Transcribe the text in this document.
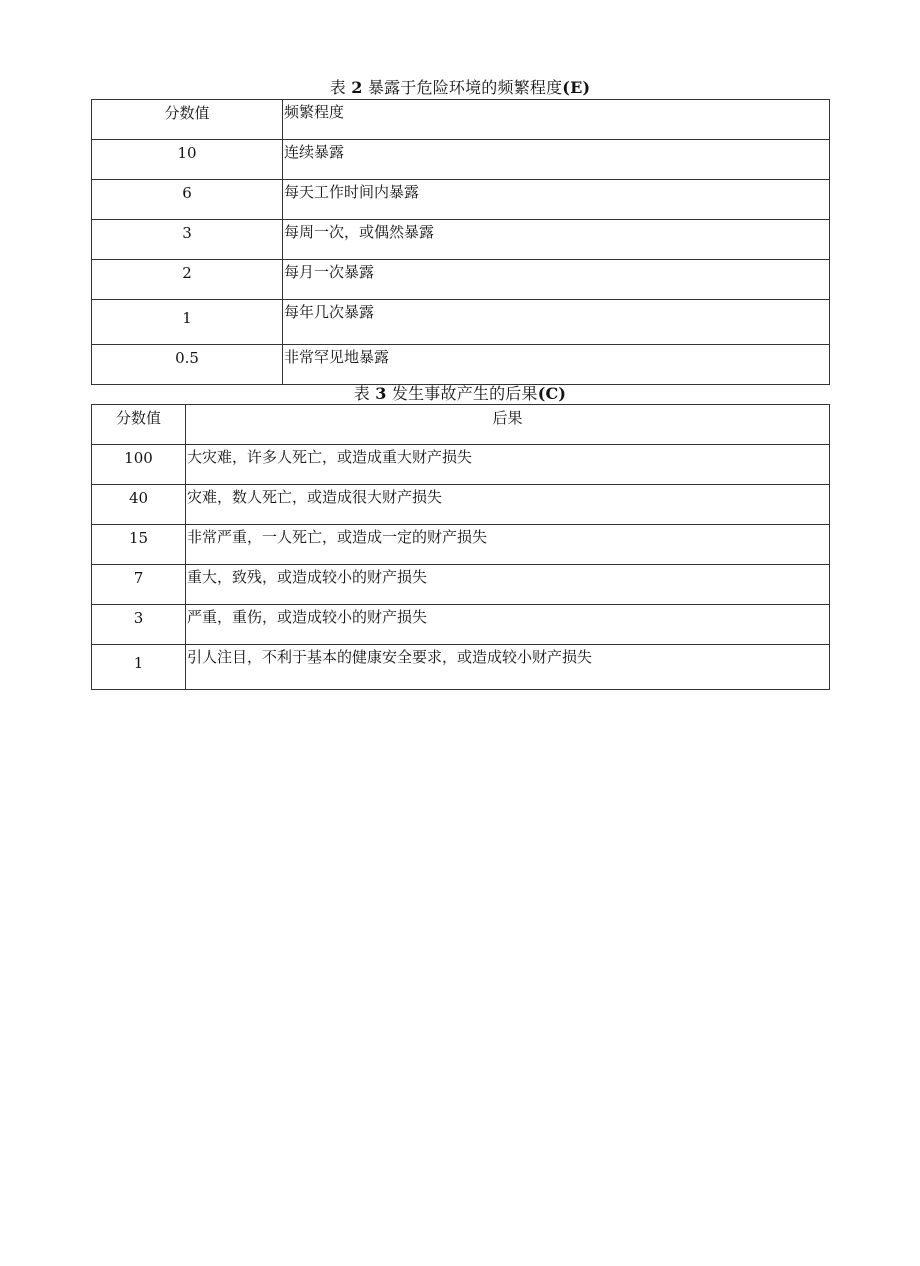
表 2 暴露于危险环境的频繁程度(E)
分数值	频繁程度
10	连续暴露
6	每天工作时间内暴露
3	每周一次，或偶然暴露
2	每月一次暴露
1	每年几次暴露
0.5	非常罕见地暴露
表 3 发生事故产生的后果(C)
分数值	后果
100	大灾难，许多人死亡，或造成重大财产损失
40	灾难，数人死亡，或造成很大财产损失
15	非常严重，一人死亡，或造成一定的财产损失
7	重大，致残，或造成较小的财产损失
3	严重，重伤，或造成较小的财产损失
1	引人注目，不利于基本的健康安全要求，或造成较小财产损失
